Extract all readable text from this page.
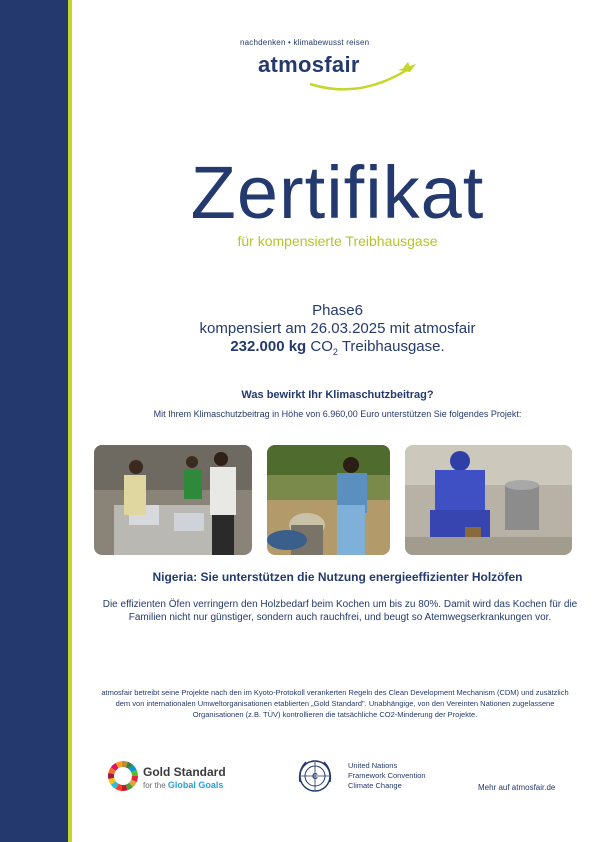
nachdenken • klimabewusst reisen
atmosfair
Zertifikat
für kompensierte Treibhausgase
Phase6
kompensiert am 26.03.2025 mit atmosfair
232.000 kg $CO_2$ Treibhausgase.
Was bewirkt Ihr Klimaschutzbeitrag?
Mit Ihrem Klimaschutzbeitrag in Höhe von 6.960,00 Euro unterstützen Sie folgendes Projekt:
Nigeria: Sie unterstützen die Nutzung energieeffizienter Holzöfen
Die effizienten Öfen verringern den Holzbedarf beim Kochen um bis zu 80%. Damit wird das Kochen für die Familien nicht nur günstiger, sondern auch rauchfrei, und beugt so Atemwegserkrankungen vor.
atmosfair betreibt seine Projekte nach den im Kyoto-Protokoll verankerten Regeln des Clean Development Mechanism (CDM) und zusätzlich dem von internationalen Umweltorganisationen etablierten „Gold Standard". Unabhängige, von den Vereinten Nationen zugelassene Organisationen (z.B. TÜV) kontrollieren die tatsächliche CO2-Minderung der Projekte.
Gold Standard
for the Global Goals
C
United Nations
Framework Convention
Climate Change	Mehr auf atmosfair.de
